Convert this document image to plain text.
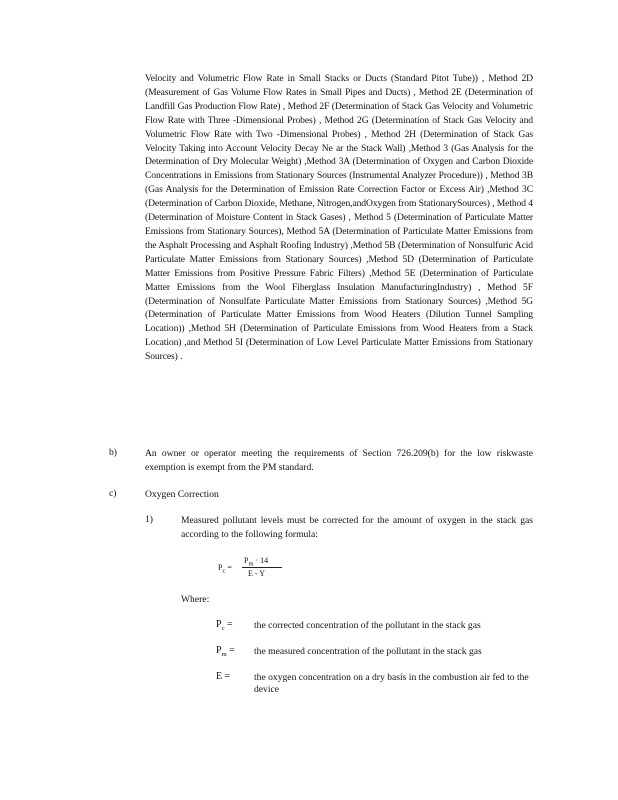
Velocity and Volumetric Flow Rate in Small Stacks or Ducts (Standard Pitot Tube)) , Method 2D (Measurement of Gas Volume Flow Rates in Small Pipes and Ducts) , Method 2E (Determination of Landfill Gas Production Flow Rate) , Method 2F (Determination of Stack Gas Velocity and Volumetric Flow Rate with Three -Dimensional Probes) , Method 2G (Determination of Stack Gas Velocity and Volumetric Flow Rate with Two -Dimensional Probes) , Method 2H (Determination of Stack Gas Velocity Taking into Account Velocity Decay Ne ar the Stack Wall) ,Method 3 (Gas Analysis for the Determination of Dry Molecular Weight) ,Method 3A (Determination of Oxygen and Carbon Dioxide Concentrations in Emissions from Stationary Sources (Instrumental Analyzer Procedure)) , Method 3B (Gas Analysis for the Determination of Emission Rate Correction Factor or Excess Air) ,Method 3C (Determination of Carbon Dioxide, Methane, Nitrogen,andOxygen from StationarySources) , Method 4 (Determination of Moisture Content in Stack Gases) , Method 5 (Determination of Particulate Matter Emissions from Stationary Sources), Method 5A (Determination of Particulate Matter Emissions from the Asphalt Processing and Asphalt Roofing Industry) ,Method 5B (Determination of Nonsulfuric Acid Particulate Matter Emissions from Stationary Sources) ,Method 5D (Determination of Particulate Matter Emissions from Positive Pressure Fabric Filters) ,Method 5E (Determination of Particulate Matter Emissions from the Wool Fiberglass Insulation ManufacturingIndustry) , Method 5F (Determination of Nonsulfate Particulate Matter Emissions from Stationary Sources) ,Method 5G (Determination of Particulate Matter Emissions from Wood Heaters (Dilution Tunnel Sampling Location)) ,Method 5H (Determination of Particulate Emissions from Wood Heaters from a Stack Location) ,and Method 5I (Determination of Low Level Particulate Matter Emissions from Stationary Sources) .
b)	An owner or operator meeting the requirements of Section 726.209(b) for the low riskwaste exemption is exempt from the PM standard.
c)	Oxygen Correction
1)	Measured pollutant levels must be corrected for the amount of oxygen in the stack gas according to the following formula:
$P_c$ =
$P_m \cdot 14$
E - Y
Where:
$P_c$ = the corrected concentration of the pollutant in the stack gas
$P_m$ = the measured concentration of the pollutant in the stack gas
E = the oxygen concentration on a dry basis in the combustion air fed to the device
